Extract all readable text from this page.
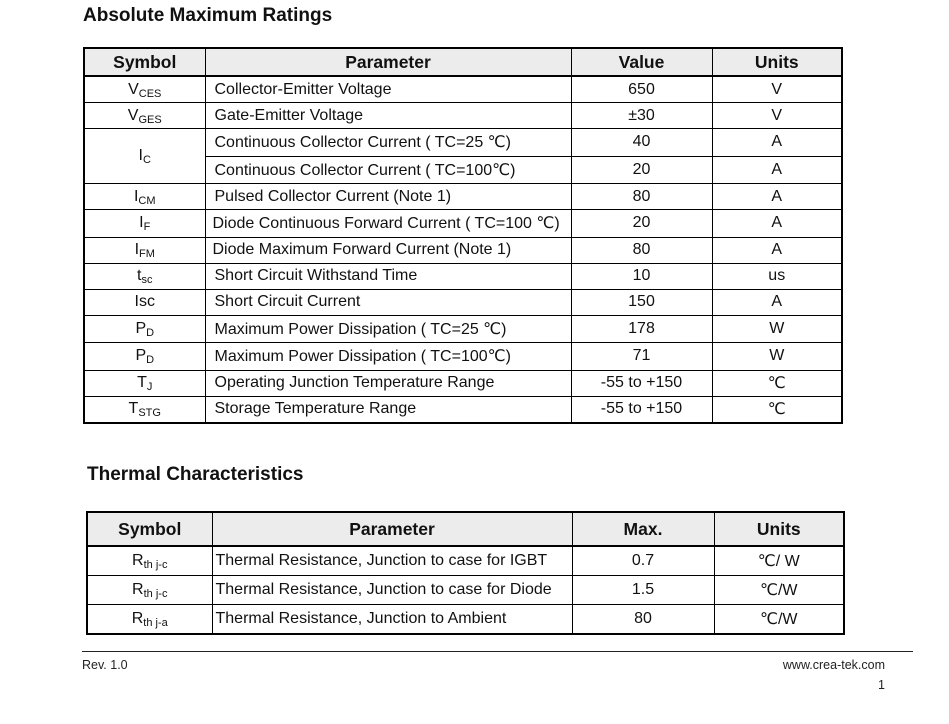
Absolute Maximum Ratings
Symbol	Parameter	Value	Units
$V_{CES}$	Collector-Emitter Voltage	650	V
$V_{GES}$	Gate-Emitter Voltage	±30	V
$I_C$	Continuous Collector Current ( TC=25 ℃)	40	A
	Continuous Collector Current ( TC=100℃)	20	A
$I_{CM}$	Pulsed Collector Current (Note 1)	80	A
$I_F$	Diode Continuous Forward Current ( TC=100 ℃)	20	A
$I_{FM}$	Diode Maximum Forward Current (Note 1)	80	A
$t_{sc}$	Short Circuit Withstand Time	10	us
Isc	Short Circuit Current	150	A
$P_D$	Maximum Power Dissipation ( TC=25 ℃)	178	W
$P_D$	Maximum Power Dissipation ( TC=100℃)	71	W
$T_J$	Operating Junction Temperature Range	-55 to +150	℃
$T_{STG}$	Storage Temperature Range	-55 to +150	℃
Thermal Characteristics
Symbol	Parameter	Max.	Units
$R_{th j-c}$	Thermal Resistance, Junction to case for IGBT	0.7	℃/ W
$R_{th j-c}$	Thermal Resistance, Junction to case for Diode	1.5	℃/W
$R_{th j-a}$	Thermal Resistance, Junction to Ambient	80	℃/W
Rev. 1.0	www.crea-tek.com
1
